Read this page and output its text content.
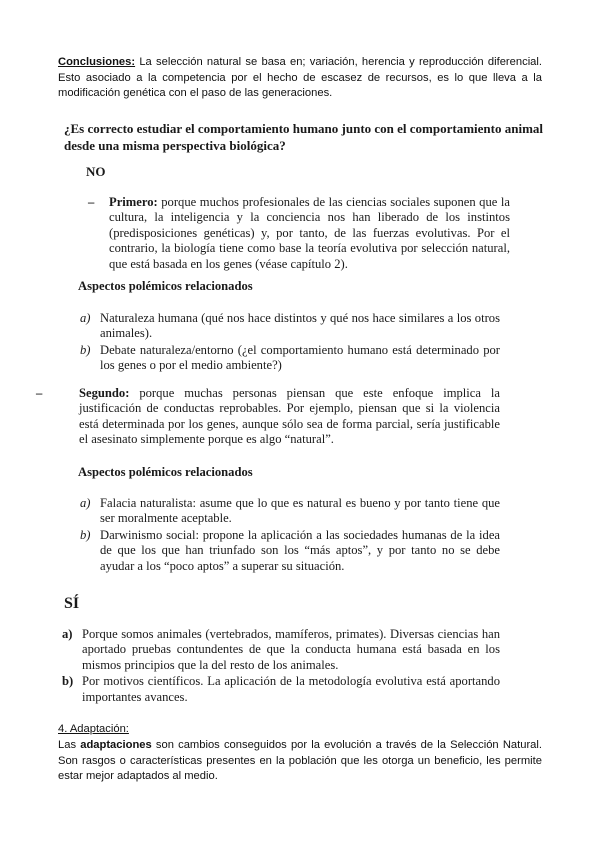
Conclusiones: La selección natural se basa en; variación, herencia y reproducción diferencial. Esto asociado a la competencia por el hecho de escasez de recursos, es lo que lleva a la modificación genética con el paso de las generaciones.

¿Es correcto estudiar el comportamiento humano junto con el comportamiento animal desde una misma perspectiva biológica?

NO
– Primero: porque muchos profesionales de las ciencias sociales suponen que la cultura, la inteligencia y la conciencia nos han liberado de los instintos (predisposiciones genéticas) y, por tanto, de las fuerzas evolutivas. Por el contrario, la biología tiene como base la teoría evolutiva por selección natural, que está basada en los genes (véase capítulo 2).

Aspectos polémicos relacionados
a) Naturaleza humana (qué nos hace distintos y qué nos hace similares a los otros animales).

b) Debate naturaleza/entorno (¿el comportamiento humano está determinado por los genes o por el medio ambiente?)

–	Segundo: porque muchas personas piensan que este enfoque implica la justificación de conductas reprobables. Por ejemplo, piensan que si la violencia está determinada por los genes, aunque sólo sea de forma parcial, sería justificable el asesinato simplemente porque es algo “natural”.

Aspectos polémicos relacionados
a) Falacia naturalista: asume que lo que es natural es bueno y por tanto tiene que ser moralmente aceptable.

b) Darwinismo social: propone la aplicación a las sociedades humanas de la idea de que los que han triunfado son los “más aptos”, y por tanto no se debe ayudar a los “poco aptos” a superar su situación.

SÍ
a) Porque somos animales (vertebrados, mamíferos, primates). Diversas ciencias han aportado pruebas contundentes de que la conducta humana está basada en los mismos principios que la del resto de los animales.

b) Por motivos científicos. La aplicación de la metodología evolutiva está aportando importantes avances.

4. Adaptación:

Las adaptaciones son cambios conseguidos por la evolución a través de la Selección Natural. Son rasgos o características presentes en la población que les otorga un beneficio, les permite estar mejor adaptados al medio.
